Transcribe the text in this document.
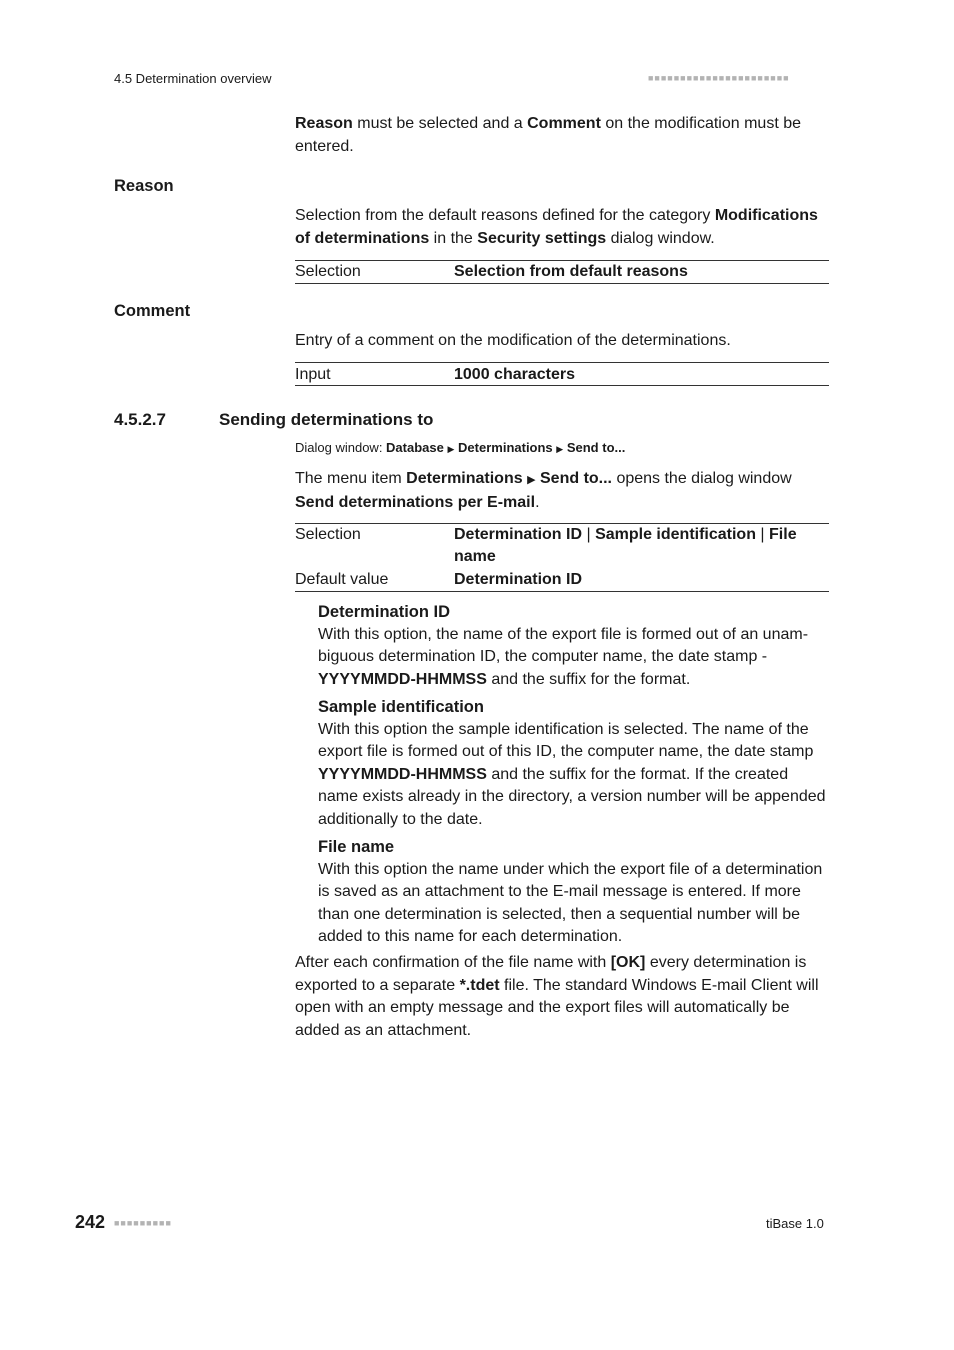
4.5 Determination overview	■■■■■■■■■■■■■■■■■■■■■■
Reason must be selected and a Comment on the modification must be entered.
Reason
Selection from the default reasons defined for the category Modifications of determinations in the Security settings dialog window.
Selection	Selection from default reasons
Comment
Entry of a comment on the modification of the determinations.
Input	1000 characters
4.5.2.7	Sending determinations to
Dialog window: Database ▶ Determinations ▶ Send to...
The menu item Determinations ▶ Send to... opens the dialog window Send determinations per E-mail.
Selection	Determination ID | Sample identification | File name
Default value	Determination ID
Determination ID
With this option, the name of the export file is formed out of an unambiguous determination ID, the computer name, the date stamp - YYYYMMDD-HHMMSS and the suffix for the format.
Sample identification
With this option the sample identification is selected. The name of the export file is formed out of this ID, the computer name, the date stamp YYYYMMDD-HHMMSS and the suffix for the format. If the created name exists already in the directory, a version number will be appended additionally to the date.
File name
With this option the name under which the export file of a determination is saved as an attachment to the E-mail message is entered. If more than one determination is selected, then a sequential number will be added to this name for each determination.
After each confirmation of the file name with [OK] every determination is exported to a separate *.tdet file. The standard Windows E-mail Client will open with an empty message and the export files will automatically be added as an attachment.
242 ■■■■■■■■■	tiBase 1.0
